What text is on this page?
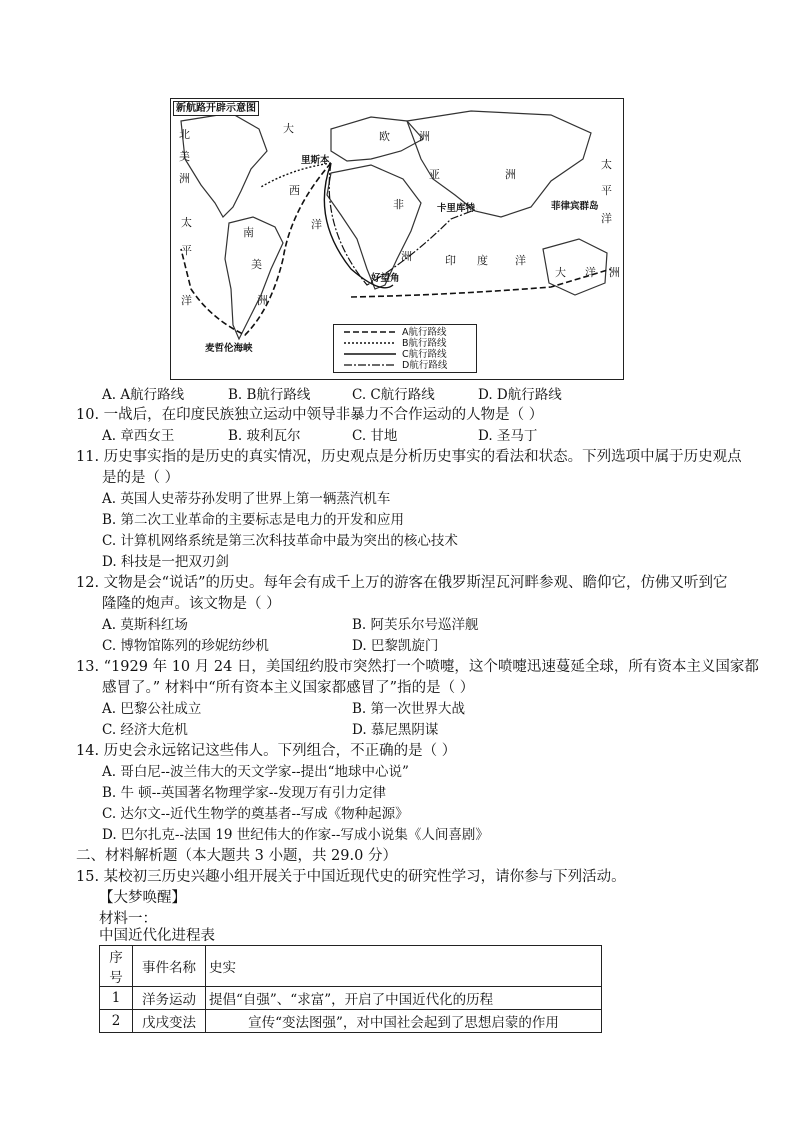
新航路开辟示意图
北
美
洲
太
平
洋
大
西
欧	洲
亚	洲
非
洲
南
美
洲
洋
印 度 洋
太
平
洋
大 洋 洲
里斯本
卡里库特	菲律宾群岛
好望角
麦哲伦海峡
A航行路线
B航行路线
C航行路线
D航行路线
A. A航行路线	B. B航行路线	C. C航行路线	D. D航行路线
10. 一战后，在印度民族独立运动中领导非暴力不合作运动的人物是（ ）
A. 章西女王	B. 玻利瓦尔	C. 甘地	D. 圣马丁
11. 历史事实指的是历史的真实情况，历史观点是分析历史事实的看法和状态。下列选项中属于历史观点
是的是（ ）
A. 英国人史蒂芬孙发明了世界上第一辆蒸汽机车
B. 第二次工业革命的主要标志是电力的开发和应用
C. 计算机网络系统是第三次科技革命中最为突出的核心技术
D. 科技是一把双刃剑
12. 文物是会“说话”的历史。每年会有成千上万的游客在俄罗斯涅瓦河畔参观、瞻仰它，仿佛又听到它
隆隆的炮声。该文物是（ ）
A. 莫斯科红场	B. 阿芙乐尔号巡洋舰
C. 博物馆陈列的珍妮纺纱机	D. 巴黎凯旋门
13. “1929 年 10 月 24 日，美国纽约股市突然打一个喷嚏，这个喷嚏迅速蔓延全球，所有资本主义国家都
感冒了。” 材料中“所有资本主义国家都感冒了”指的是（ ）
A. 巴黎公社成立	B. 第一次世界大战
C. 经济大危机	D. 慕尼黑阴谋
14. 历史会永远铭记这些伟人。下列组合，不正确的是（ ）
A. 哥白尼--波兰伟大的天文学家--提出“地球中心说”
B. 牛 顿--英国著名物理学家--发现万有引力定律
C. 达尔文--近代生物学的奠基者--写成《物种起源》
D. 巴尔扎克--法国 19 世纪伟大的作家--写成小说集《人间喜剧》
二、材料解析题（本大题共 3 小题，共 29.0 分）
15. 某校初三历史兴趣小组开展关于中国近现代史的研究性学习，请你参与下列活动。
【大梦唤醒】
材料一：
中国近代化进程表
序号	事件名称	史实
1	洋务运动	提倡“自强”、“求富”，开启了中国近代化的历程
2	戊戌变法	宣传“变法图强”，对中国社会起到了思想启蒙的作用
